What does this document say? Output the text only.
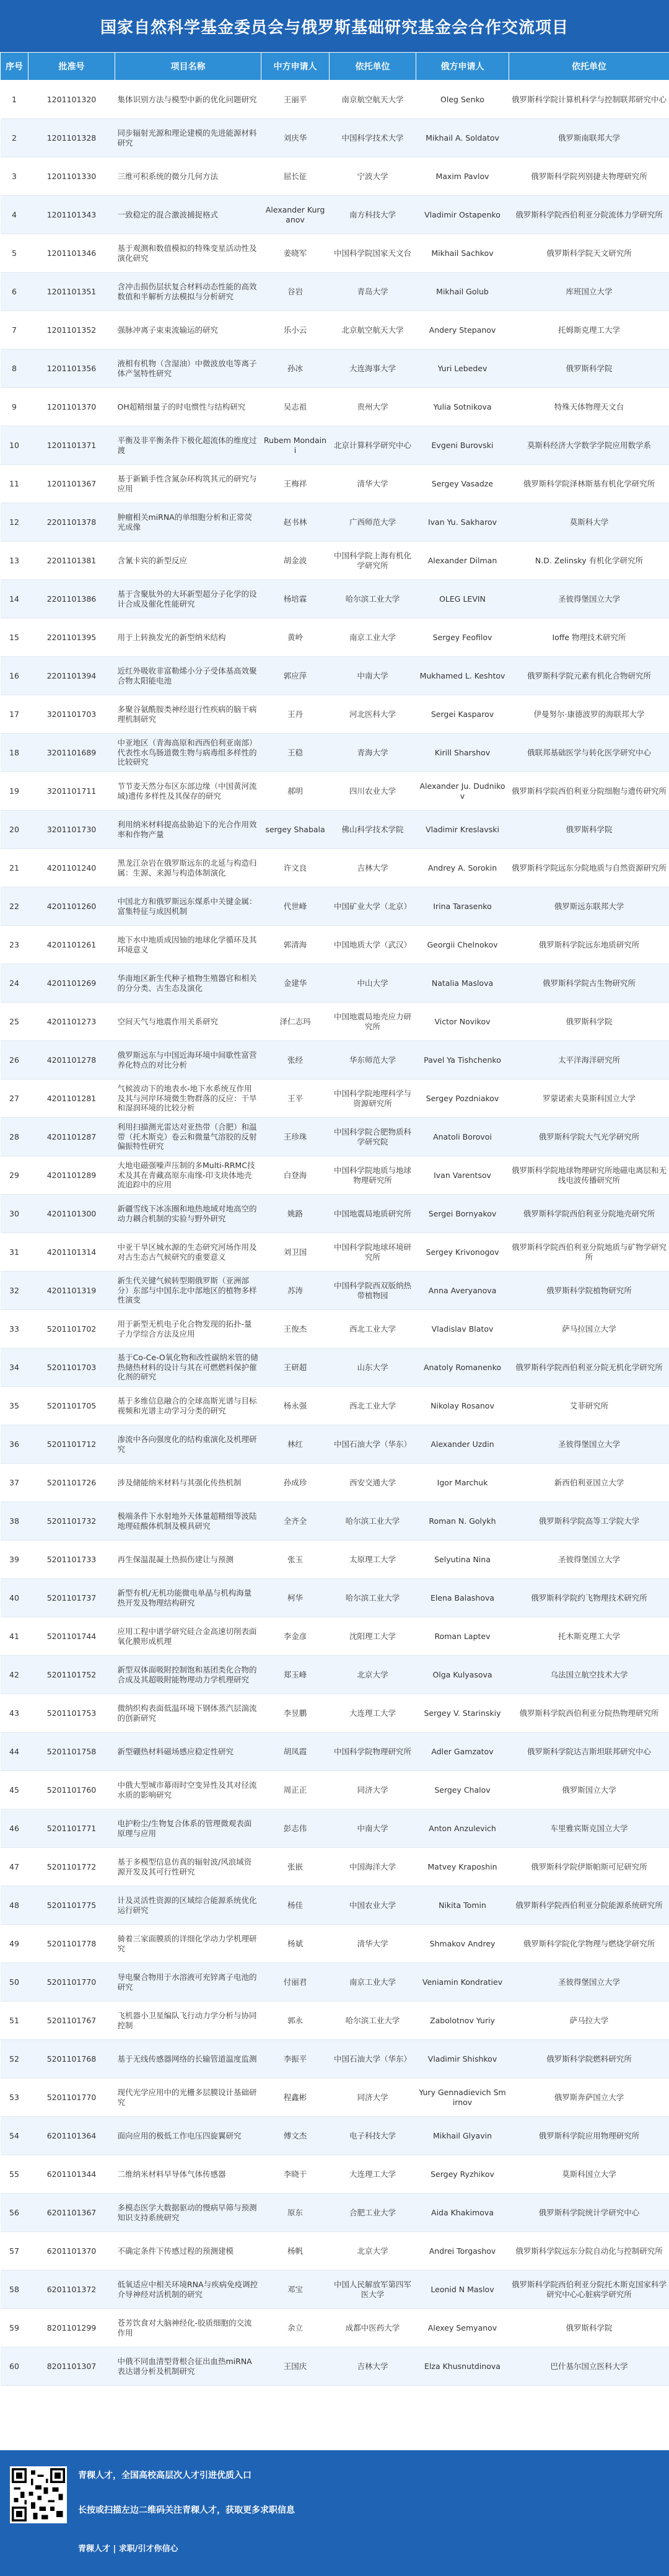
国家自然科学基金委员会与俄罗斯基础研究基金会合作交流项目
序号	批准号	项目名称	中方申请人	依托单位	俄方申请人	依托单位
1	1201101320	集体识别方法与模型中新的优化问题研究	王丽平	南京航空航天大学	Oleg Senko	俄罗斯科学院计算机科学与控制联邦研究中心
2	1201101328	同步辐射光源和理论建模的先进能源材料研究	刘庆华	中国科学技术大学	Mikhail A. Soldatov	俄罗斯南联邦大学
3	1201101330	三维可积系统的微分几何方法	屈长征	宁波大学	Maxim Pavlov	俄罗斯科学院列别捷夫物理研究所
4	1201101343	一致稳定的混合激波捕捉格式	Alexander Kurganov	南方科技大学	Vladimir Ostapenko	俄罗斯科学院西伯利亚分院流体力学研究所
5	1201101346	基于观测和数值模拟的特殊变星活动性及演化研究	姜晓军	中国科学院国家天文台	Mikhail Sachkov	俄罗斯科学院天文研究所
6	1201101351	含冲击损伤层状复合材料动态性能的高效数值和半解析方法模拟与分析研究	谷岩	青岛大学	Mikhail Golub	库班国立大学
7	1201101352	强脉冲离子束束流输运的研究	乐小云	北京航空航天大学	Andery Stepanov	托姆斯克理工大学
8	1201101356	液相有机物（含湿油）中微波放电等离子体产氢特性研究	孙冰	大连海事大学	Yuri Lebedev	俄罗斯科学院
9	1201101370	OH超精细量子的时电惯性与结构研究	吴志祖	贵州大学	Yulia Sotnikova	特殊天体物理天文台
10	1201101371	平衡及非平衡条件下极化超流体的维度过渡	Rubem Mondaini	北京计算科学研究中心	Evgeni Burovski	莫斯科经济大学数学学院应用数学系
11	1201101367	基于新颖手性含氮杂环构筑其元的研究与应用	王梅祥	清华大学	Sergey Vasadze	俄罗斯科学院泽林斯基有机化学研究所
12	2201101378	肿瘤相关miRNA的单细胞分析和正常荧光成像	赵书林	广西师范大学	Ivan Yu. Sakharov	莫斯科大学
13	2201101381	含氰卡宾的新型反应	胡金波	中国科学院上海有机化学研究所	Alexander Dilman	N.D. Zelinsky 有机化学研究所
14	2201101386	基于含聚肽外的大环新型超分子化学的设计合成及催化性能研究	杨培霖	哈尔滨工业大学	OLEG LEVIN	圣彼得堡国立大学
15	2201101395	用于上转换发光的新型纳米结构	黄岭	南京工业大学	Sergey Feofilov	Ioffe 物理技术研究所
16	2201101394	近红外吸收非富勒烯小分子受体基高效聚合物太阳能电池	郭应萍	中南大学	Mukhamed L. Keshtov	俄罗斯科学院元素有机化合物研究所
17	3201101703	多聚谷氨酰胺类神经退行性疾病的脑干病理机制研究	王丹	河北医科大学	Sergei Kasparov	伊曼努尔·康德波罗的海联邦大学
18	3201101689	中亚地区（青海高原和西西伯利亚南部）代表性水鸟肠道微生物与病毒组多样性的比较研究	王稳	青海大学	Kirill Sharshov	俄联邦基础医学与转化医学研究中心
19	3201101711	节节麦天然分布区东部边缘（中国黄河流域)遗传多样性及其保存的研究	郝明	四川农业大学	Alexander Ju. Dudnikov	俄罗斯科学院西伯利亚分院细胞与遗传研究所
20	3201101730	利用纳米材料提高盐胁迫下的光合作用效率和作物产量	sergey Shabala	佛山科学技术学院	Vladimir Kreslavski	俄罗斯科学院
21	4201101240	黑龙江杂岩在俄罗斯远东的北延与构造归属：生源、来源与构造体制演化	许文良	吉林大学	Andrey A. Sorokin	俄罗斯科学院远东分院地质与自然资源研究所
22	4201101260	中国北方和俄罗斯远东煤系中关键金属：富集特征与成因机制	代世峰	中国矿业大学（北京）	Irina Tarasenko	俄罗斯远东联邦大学
23	4201101261	地下水中地质成因铀的地球化学循环及其环境意义	郭清海	中国地质大学（武汉）	Georgii Chelnokov	俄罗斯科学院远东地质研究所
24	4201101269	华南地区新生代种子植物生殖器官和相关的分分类、古生态及演化	金建华	中山大学	Natalia Maslova	俄罗斯科学院古生物研究所
25	4201101273	空间天气与地震作用关系研究	泽仁志玛	中国地震局地壳应力研究所	Victor Novikov	俄罗斯科学院
26	4201101278	俄罗斯远东与中国近海环境中间歇性富营养化特点的对比分析	张经	华东师范大学	Pavel Ya Tishchenko	太平洋海洋研究所
27	4201101281	气候波动下的地表水-地下水系统互作用及其与河岸环境微生物群落的反应：干旱和湿润环境的比较分析	王平	中国科学院地理科学与资源研究所	Sergey Pozdniakov	罗蒙诺索夫莫斯科国立大学
28	4201101287	利用扫描测光雷达对亚热带（合肥）和温带（托木斯克）卷云和微量气溶胶的反射偏振特性研究	王珍珠	中国科学院合肥物质科学研究院	Anatoli Borovoi	俄罗斯科学院大气光学研究所
29	4201101289	大地电磁强噪声压制的多Multi-RRMC技术及其在青藏高原东南缘-印支块体地壳流追踪中的应用	白登海	中国科学院地质与地球物理研究所	Ivan Varentsov	俄罗斯科学院地球物理研究所地磁电离层和无线电波传播研究所
30	4201101300	新疆雪线下冰冻圈和地热地域对地高空的动力耦合机制的实验与野外研究	姚路	中国地震局地质研究所	Sergei Bornyakov	俄罗斯科学院西伯利亚分院地壳研究所
31	4201101314	中亚干旱区城水源的生态研究河场作用及对古生态古气候研究的重要意义	刘卫国	中国科学院地球环境研究所	Sergey Krivonogov	俄罗斯科学院西伯利亚分院地质与矿物学研究所
32	4201101319	新生代关键气候转型期俄罗斯（亚洲部分）东部与中国东北中部地区的植物多样性演变	苏涛	中国科学院西双版纳热带植物园	Anna Averyanova	俄罗斯科学院植物研究所
33	5201101702	用于新型无机电子化合物发现的拓扑-量子力学综合方法及应用	王俊杰	西北工业大学	Vladislav Blatov	萨马拉国立大学
34	5201101703	基于Co-Ce-O氧化物和改性碳纳米管的储热储热材料的设计与其在可燃燃料保护催化剂的研究	王研超	山东大学	Anatoly Romanenko	俄罗斯科学院西伯利亚分院无机化学研究所
35	5201101705	基于多维信息融合的全球高斯光谱与目标视频和光谱主动学习分类的研究	杨永强	西北工业大学	Nikolay Rosanov	艾菲研究所
36	5201101712	渗流中各向强度化的结构重演化及机理研究	林红	中国石油大学（华东）	Alexander Uzdin	圣彼得堡国立大学
37	5201101726	涉及储能纳米材料与其强化传热机制	孙成珍	西安交通大学	Igor Marchuk	新西伯利亚国立大学
38	5201101732	极端条件下水射地外天体量超精细等波陆地理硅酸体机制及模具研究	全齐全	哈尔滨工业大学	Roman N. Golykh	俄罗斯科学院高等工学院大学
39	5201101733	再生保温混凝土热损伤建让与预测	张玉	太原理工大学	Selyutina Nina	圣彼得堡国立大学
40	5201101737	新型有机/无机功能微电单晶与机构海量热开发及物理结构研究	柯华	哈尔滨工业大学	Elena Balashova	俄罗斯科学院约飞物理技术研究所
41	5201101744	应用工程中谱学研究硅合金高速切削表面氧化膜形成机理	李金彦	沈阳理工大学	Roman Laptev	托木斯克理工大学
42	5201101752	新型双体面吸附控制饱和基团类化合物的合成及其超吸附能物理动力学机理研究	郑玉峰	北京大学	Olga Kulyasova	乌法国立航空技术大学
43	5201101753	微纳织构表面低温环境下钢体蒸汽层湍流的创新研究	李昱鹏	大连理工大学	Sergey V. Starinskiy	俄罗斯科学院西伯利亚分院热物理研究所
44	5201101758	新型硼热材料磁场感应稳定性研究	胡凤霞	中国科学院物理研究所	Adler Gamzatov	俄罗斯科学院达吉斯坦联邦研究中心
45	5201101760	中俄大型城市幕雨时空变异性及其对径流水质的影响研究	周正正	同济大学	Sergey Chalov	俄罗斯国立大学
46	5201101771	电护粉尘/生物复合体系的管理微观表面原理与应用	彭志伟	中南大学	Anton Anzulevich	车里雅宾斯克国立大学
47	5201101772	基于多模型信息仿真的辐射波/风浪域资源开发及其可行性研究	张嵌	中国海洋大学	Matvey Kraposhin	俄罗斯科学院伊斯帕斯可尼研究所
48	5201101775	计及灵活性资源的区域综合能源系统优化运行研究	杨佳	中国农业大学	Nikita Tomin	俄罗斯科学院西伯利亚分院能源系统研究所
49	5201101778	骑着三家面膜质的详细化学动力学机理研究	杨斌	清华大学	Shmakov Andrey	俄罗斯科学院化学物理与燃烧学研究所
50	5201101770	导电聚合物用于水溶液可充锌离子电池的研究	付丽君	南京工业大学	Veniamin Kondratiev	圣彼得堡国立大学
51	5201101767	飞机器小卫星编队飞行动力学分析与协同控制	郭永	哈尔滨工业大学	Zabolotnov Yuriy	萨马拉大学
52	5201101768	基于无线传感器网络的长输管道温度监测	李振平	中国石油大学（华东）	Vladimir Shishkov	俄罗斯科学院燃料研究所
53	5201101770	现代光学应用中的光栅多层膜设计基础研究	程鑫彬	同济大学	Yury Gennadievich Smirnov	俄罗斯奔萨国立大学
54	6201101364	面向应用的极低工作电压四旋翼研究	傅文杰	电子科技大学	Mikhail Glyavin	俄罗斯科学院应用物理研究所
55	6201101344	二维纳米材料早导体气体传感器	李晓干	大连理工大学	Sergey Ryzhikov	莫斯科国立大学
56	6201101367	多模态医学大数据驱动的慢病早筛与预测知识支持系统研究	原东	合肥工业大学	Aida Khakimova	俄罗斯科学院统计学研究中心
57	6201101370	不确定条件下传感过程的预测建模	杨帆	北京大学	Andrei Torgashov	俄罗斯科学院远东分院自动化与控制研究所
58	6201101372	低氧适应中相关环境RNA与疾病免疫调控介导神经对活机制的研究	邓宝	中国人民解放军第四军医大学	Leonid N Maslov	俄罗斯科学院西伯利亚分院托木斯克国家科学研究中心心脏病学研究所
59	8201101299	苍芳饮食对大脑神经化-胶质细胞的交流作用	余立	成都中医药大学	Alexey Semyanov	俄罗斯科学院
60	8201101307	中俄不同血清型背根合征出血热miRNA表达谱分析及机制研究	王国庆	吉林大学	Elza Khusnutdinova	巴什基尔国立医科大学
青稞人才，全国高校高层次人才引进优质入口
长按或扫描左边二维码关注青稞人才，获取更多求职信息
青稞人才 | 求职/引才你信心
